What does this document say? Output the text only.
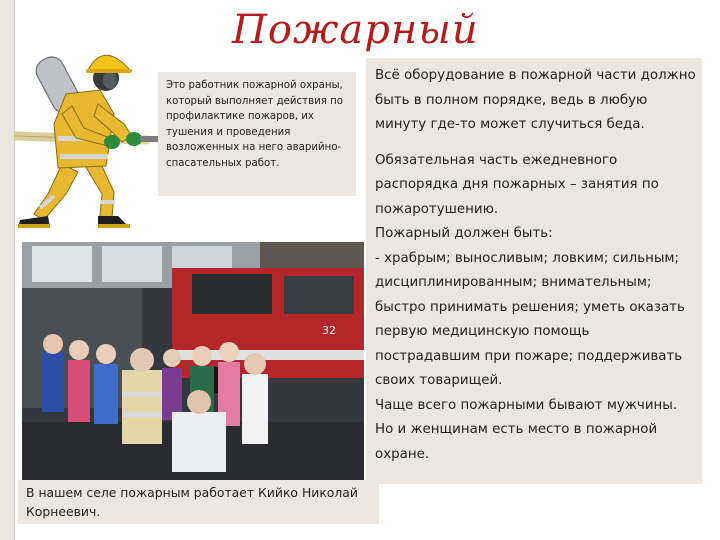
Пожарный
Это работник пожарной охраны, который выполняет действия по профилактике пожаров, их тушения и проведения возложенных на него аварийно-спасательных работ.
32
В нашем селе пожарным работает Кийко Николай Корнеевич.

Всё оборудование в пожарной части должно быть в полном порядке, ведь в любую минуту где-то может случиться беда.

Обязательная часть ежедневного распорядка дня пожарных – занятия по пожаротушению.

Пожарный должен быть:

- храбрым; выносливым; ловким; сильным; дисциплинированным; внимательным; быстро принимать решения; уметь оказать первую медицинскую помощь пострадавшим при пожаре; поддерживать своих товарищей.

Чаще всего пожарными бывают мужчины. Но и женщинам есть место в пожарной охране.
